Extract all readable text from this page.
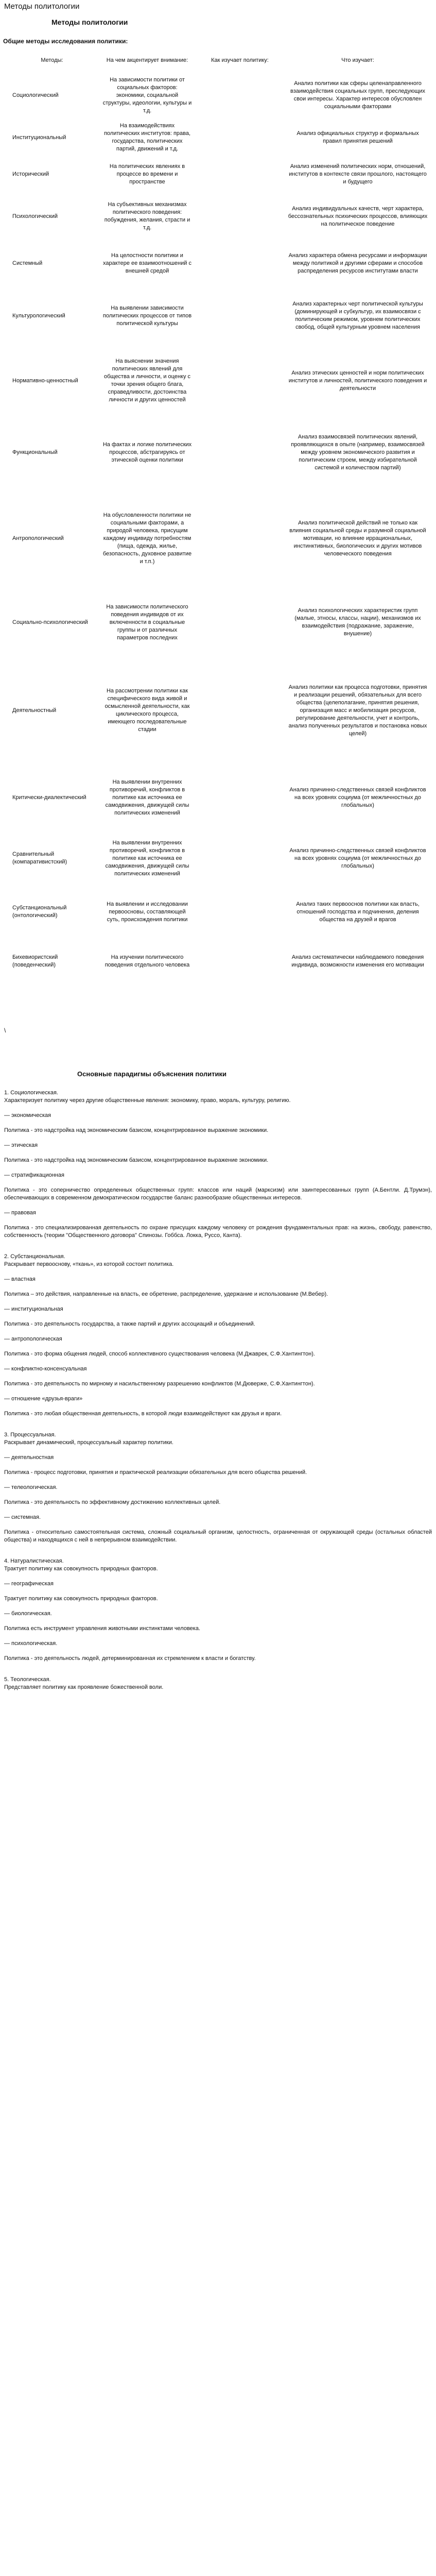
Методы политологии
Методы политологии
Общие методы исследования политики:
Методы:	На чем акцентирует внимание:	Как изучает политику:	Что изучает:
Социологический	На зависимости политики от социальных факторов: экономики, социальной структуры, идеологии, культуры и т.д.		Анализ политики как сферы целенаправленного взаимодействия социальных групп, преследующих свои интересы. Характер интересов обусловлен социальными факторами
Институциональный	На взаимодействиях политических институтов: права, государства, политических партий, движений и т.д.		Анализ официальных структур и формальных правил принятия решений
Исторический	На политических явлениях в процессе во времени и пространстве		Анализ изменений политических норм, отношений, институтов в контексте связи прошлого, настоящего и будущего
Психологический	На субъективных механизмах политического поведения: побуждения, желания, страсти и т.д.		Анализ индивидуальных качеств, черт характера, бессознательных психических процессов, влияющих на политическое поведение
Системный	На целостности политики и характере ее взаимоотношений с внешней средой		Анализ характера обмена ресурсами и информации между политикой и другими сферами и способов распределения ресурсов институтами власти
Культурологический	На выявлении зависимости политических процессов от типов политической культуры		Анализ характерных черт политической культуры (доминирующей и субкультур, их взаимосвязи с политическим режимом, уровнем политических свобод, общей культурным уровнем населения
Нормативно-ценностный	На выяснении значения политических явлений для общества и личности, и оценку с точки зрения общего блага, справедливости, достоинства личности и других ценностей		Анализ этических ценностей и норм политических институтов и личностей, политического поведения и деятельности
Функциональный	На фактах и логике политических процессов, абстрагируясь от этической оценки политики		Анализ взаимосвязей политических явлений, проявляющихся в опыте (например, взаимосвязей между уровнем экономического развития и политическим строем, между избирательной системой и количеством партий)
Антропологический	На обусловленности политики не социальными факторами, а природой человека, присущим каждому индивиду потребностям (пища, одежда, жилье, безопасность, духовное развитие и т.п.)		Анализ политической действий не только как влияния социальной среды и разумной социальной мотивации, но влияние иррациональных, инстинктивных, биологических и других мотивов человеческого поведения
Социально-психологический	На зависимости политического поведения индивидов от их включенности в социальные группы и от различных параметров последних		Анализ психологических характеристик групп (малые, этносы, классы, нации), механизмов их взаимодействия (подражание, заражение, внушение)
Деятельностный	На рассмотрении политики как специфического вида живой и осмысленной деятельности, как циклического процесса, имеющего последовательные стадии		Анализ политики как процесса подготовки, принятия и реализации решений, обязательных для всего общества (целеполагание, принятия решения, организация масс и мобилизация ресурсов, регулирование деятельности, учет и контроль, анализ полученных результатов и постановка новых целей)
Критически-диалектический	На выявлении внутренних противоречий, конфликтов в политике как источника ее самодвижения, движущей силы политических изменений		Анализ причинно-следственных связей конфликтов на всех уровнях социума (от межличностных до глобальных)
Сравнительный (компаративистский)	На выявлении внутренних противоречий, конфликтов в политике как источника ее самодвижения, движущей силы политических изменений		Анализ причинно-следственных связей конфликтов на всех уровнях социума (от межличностных до глобальных)
Субстанциональный (онтологический)	На выявлении и исследовании первоосновы, составляющей суть, происхождения политики		Анализ таких первооснов политики как власть, отношений господства и подчинения, деления общества на друзей и врагов
Бихевиористский (поведенческий)	На изучении политического поведения отдельного человека		Анализ систематически наблюдаемого поведения индивида, возможности изменения его мотивации
\
Основные парадигмы объяснения политики
1. Социологическая.
Характеризует политику через другие общественные явления: экономику, право, мораль, культуру, религию.
— экономическая
Политика - это надстройка над экономическим базисом, концентрированное выражение экономики.
— этическая
Политика - это надстройка над экономическим базисом, концентрированное выражение экономики.
— стратификационная
Политика - это соперничество определенных общественных групп: классов или наций (марксизм) или заинтересованных групп (А.Бентли. Д.Трумэн), обеспечивающих в современном демократическом государстве баланс разнообразие общественных интересов.
— правовая
Политика - это специализированная деятельность по охране присущих каждому человеку от рождения фундаментальных прав: на жизнь, свободу, равенство, собственность (теории "Общественного договора" Спинозы. Гоббса. Локка, Руссо, Канта).
2. Субстанциональная.
Раскрывает первооснову, «ткань», из которой состоит политика.
— властная
Политика – это действия, направленные на власть, ее обретение, распределение, удержание и использование (М.Вебер).
— институциональная
Политика - это деятельность государства, а также партий и других ассоциаций и объединений.
— антропологическая
Политика - это форма общения людей, способ коллективного существования человека (М.Джаврек, С.Ф.Хантингтон).
— конфликтно-консенсуальная
Политика - это деятельность по мирному и насильственному разрешению конфликтов (М.Дюверже, С.Ф.Хантингтон).
— отношение «друзья-враги»
Политика - это любая общественная деятельность, в которой люди взаимодействуют как друзья и враги.
3. Процессуальная.
Раскрывает динамический, процессуальный характер политики.
— деятельностная
Политика - процесс подготовки, принятия и практической реализации обязательных для всего общества решений.
— телеологическая.
Политика - это деятельность по эффективному достижению коллективных целей.
— системная.
Политика - относительно самостоятельная система, сложный социальный организм, целостность, ограниченная от окружающей среды (остальных областей общества) и находящихся с ней в непрерывном взаимодействии.
4. Натуралистическая.
Трактует политику как совокупность природных факторов.
— географическая
Трактует политику как совокупность природных факторов.
— биологическая.
Политика есть инструмент управления животными инстинктами человека.
— психологическая.
Политика - это деятельность людей, детерминированная их стремлением к власти и богатству.
5. Теологическая.
Представляет политику как проявление божественной воли.
